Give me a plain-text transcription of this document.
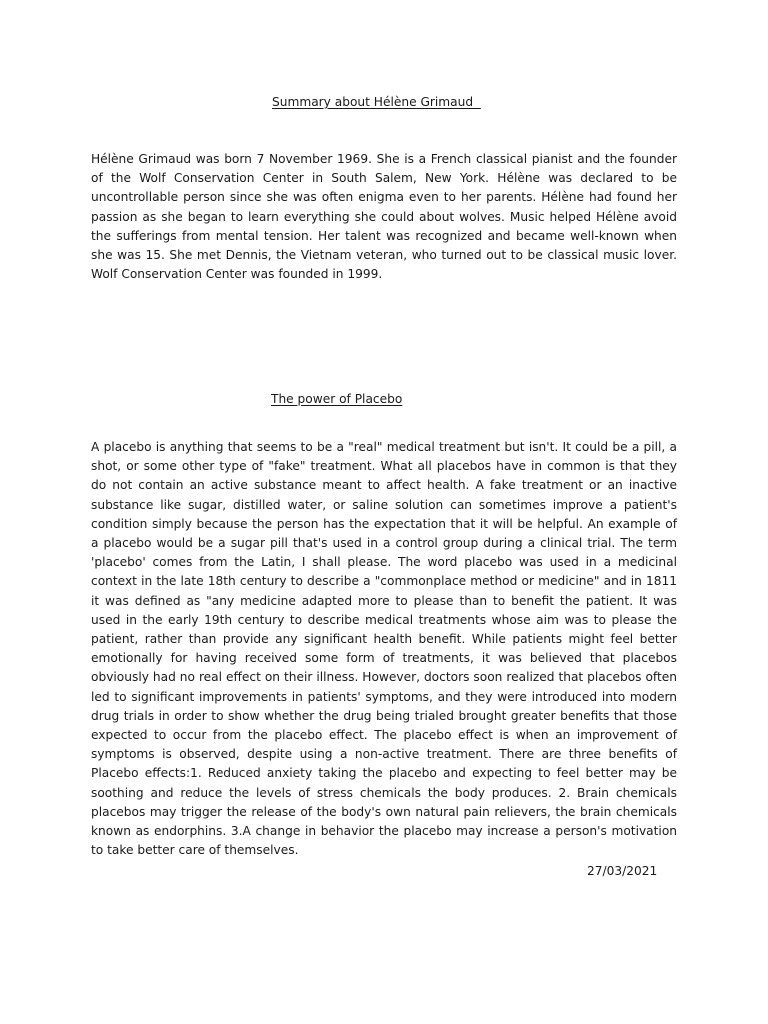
Summary about Hélène Grimaud

Hélène Grimaud was born 7 November 1969. She is a French classical pianist and the founder of the Wolf Conservation Center in South Salem, New York. Hélène was declared to be uncontrollable person since she was often enigma even to her parents. Hélène had found her passion as she began to learn everything she could about wolves. Music helped Hélène avoid the sufferings from mental tension. Her talent was recognized and became well-known when she was 15. She met Dennis, the Vietnam veteran, who turned out to be classical music lover. Wolf Conservation Center was founded in 1999.

The power of Placebo

A placebo is anything that seems to be a "real" medical treatment but isn't. It could be a pill, a shot, or some other type of "fake" treatment. What all placebos have in common is that they do not contain an active substance meant to affect health. A fake treatment or an inactive substance like sugar, distilled water, or saline solution can sometimes improve a patient's condition simply because the person has the expectation that it will be helpful. An example of a placebo would be a sugar pill that's used in a control group during a clinical trial. The term 'placebo' comes from the Latin, I shall please. The word placebo was used in a medicinal context in the late 18th century to describe a "commonplace method or medicine" and in 1811 it was defined as "any medicine adapted more to please than to benefit the patient. It was used in the early 19th century to describe medical treatments whose aim was to please the patient, rather than provide any significant health benefit. While patients might feel better emotionally for having received some form of treatments, it was believed that placebos obviously had no real effect on their illness. However, doctors soon realized that placebos often led to significant improvements in patients' symptoms, and they were introduced into modern drug trials in order to show whether the drug being trialed brought greater benefits that those expected to occur from the placebo effect. The placebo effect is when an improvement of symptoms is observed, despite using a non-active treatment. There are three benefits of Placebo effects:1. Reduced anxiety taking the placebo and expecting to feel better may be soothing and reduce the levels of stress chemicals the body produces. 2. Brain chemicals placebos may trigger the release of the body's own natural pain relievers, the brain chemicals known as endorphins. 3.A change in behavior the placebo may increase a person's motivation to take better care of themselves.

27/03/2021
